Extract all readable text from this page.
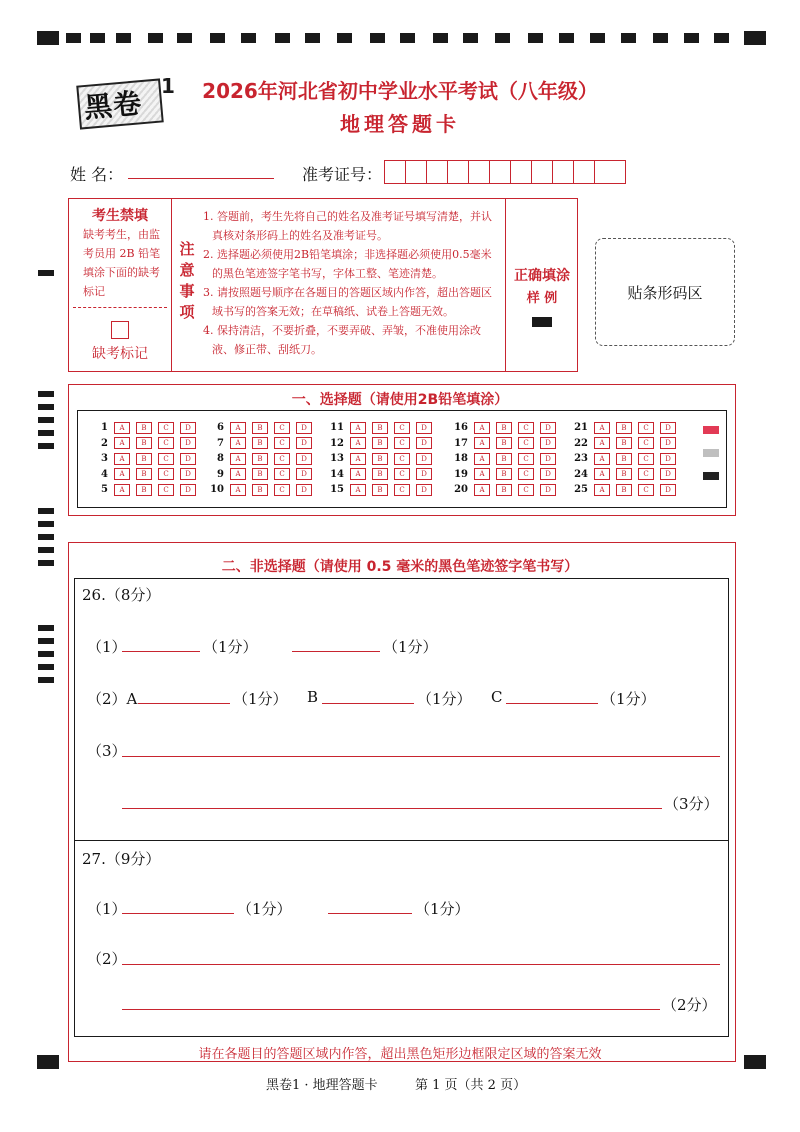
黑卷
1	2026年河北省初中学业水平考试（八年级）
地理答题卡
姓 名：	准考证号：
考生禁填
缺考考生，由监考员用 2B 铅笔填涂下面的缺考标记
缺考标记
注意事项
1. 答题前，考生先将自己的姓名及准考证号填写清楚，并认真核对条形码上的姓名及准考证号。
2. 选择题必须使用2B铅笔填涂；非选择题必须使用0.5毫米的黑色笔迹签字笔书写，字体工整、笔迹清楚。
3. 请按照题号顺序在各题目的答题区域内作答，超出答题区域书写的答案无效；在草稿纸、试卷上答题无效。
4. 保持清洁，不要折叠，不要弄破、弄皱，不准使用涂改液、修正带、刮纸刀。
正确填涂
样 例	贴条形码区
一、选择题（请使用2B铅笔填涂）
1	A	B	C	D
2	A	B	C	D
3	A	B	C	D
4	A	B	C	D
5	A	B	C	D
6	A	B	C	D
7	A	B	C	D
8	A	B	C	D
9	A	B	C	D
10	A	B	C	D
11	A	B	C	D
12	A	B	C	D
13	A	B	C	D
14	A	B	C	D
15	A	B	C	D
16	A	B	C	D
17	A	B	C	D
18	A	B	C	D
19	A	B	C	D
20	A	B	C	D
21	A	B	C	D
22	A	B	C	D
23	A	B	C	D
24	A	B	C	D
25	A	B	C	D
二、非选择题（请使用 0.5 毫米的黑色笔迹签字笔书写）
26.（8分）
（1）	（1分）	（1分）
（2）A	（1分） B	（1分） C	（1分）
（3）
（3分）
27.（9分）
（1）	（1分）	（1分）
（2）
（2分）
请在各题目的答题区域内作答，超出黑色矩形边框限定区域的答案无效
黑卷1 · 地理答题卡	第 1 页（共 2 页）
